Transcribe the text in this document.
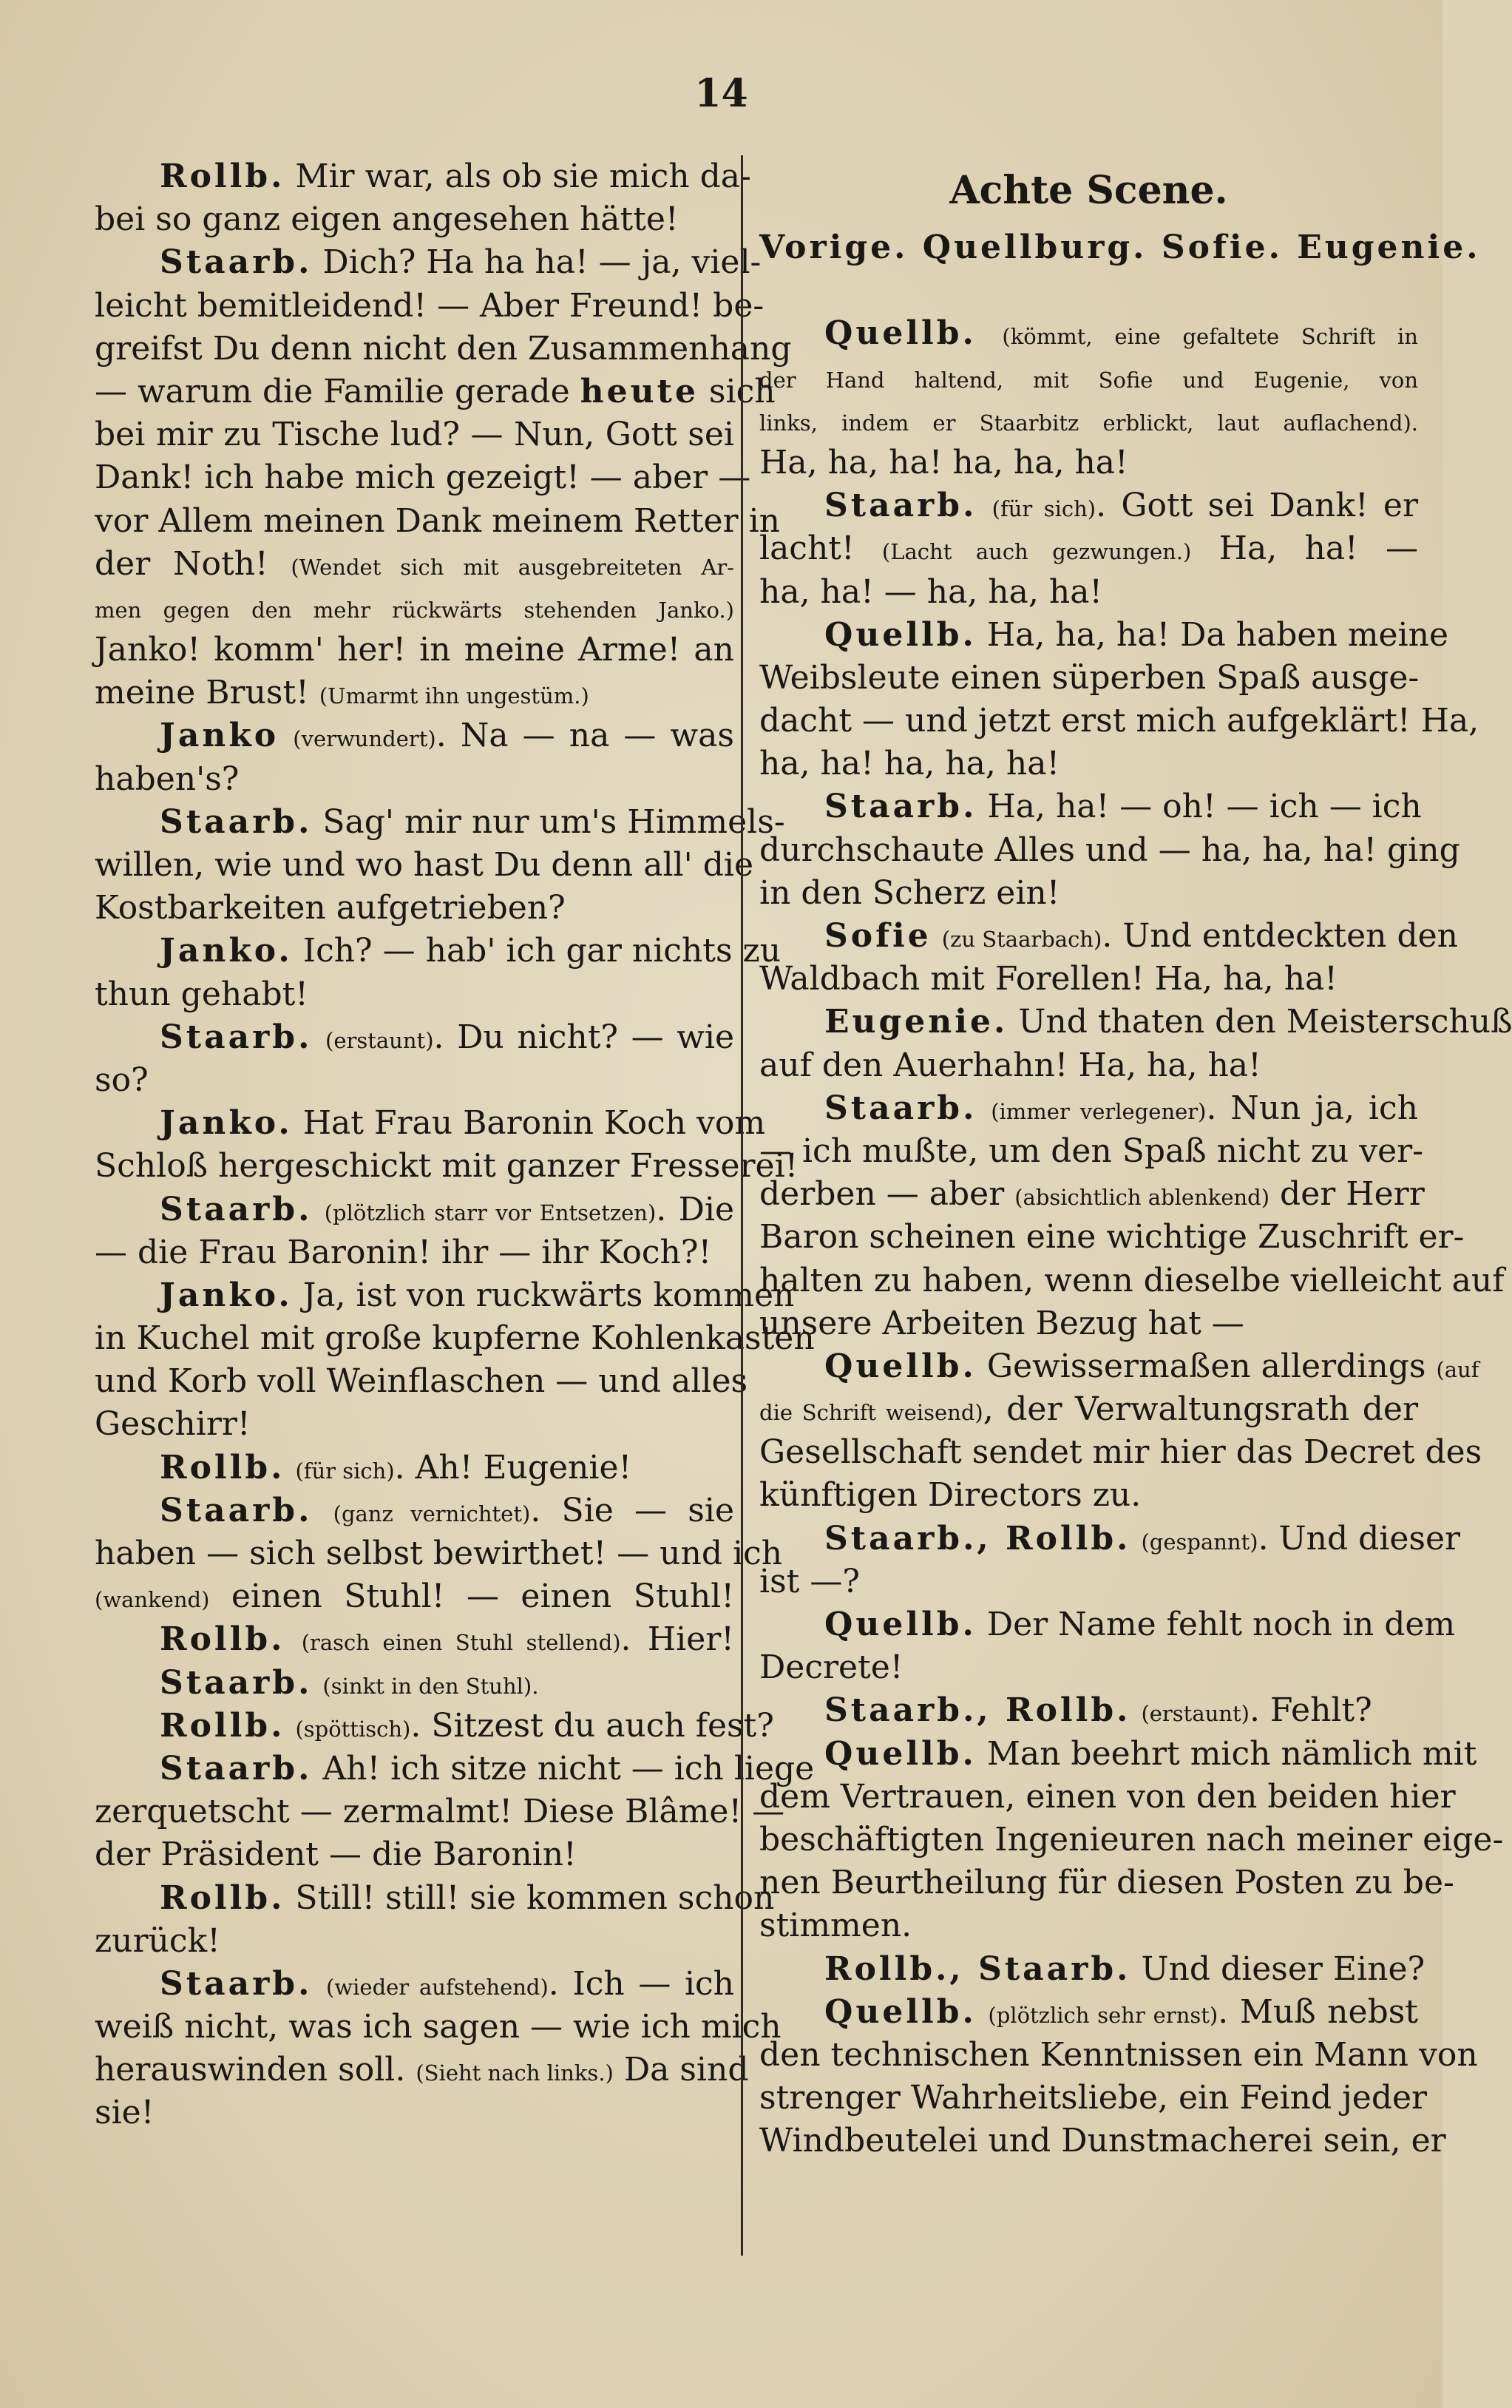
14
Rollb. Mir war, als ob sie mich da-
bei so ganz eigen angesehen hätte!
Staarb. Dich? Ha ha ha! — ja, viel-
leicht bemitleidend! — Aber Freund! be-
greifst Du denn nicht den Zusammenhang
— warum die Familie gerade heute sich
bei mir zu Tische lud? — Nun, Gott sei
Dank! ich habe mich gezeigt! — aber —
vor Allem meinen Dank meinem Retter in
der Noth! (Wendet sich mit ausgebreiteten Ar-
men gegen den mehr rückwärts stehenden Janko.)
Janko! komm' her! in meine Arme! an
meine Brust! (Umarmt ihn ungestüm.)
Janko (verwundert). Na — na — was
haben's?
Staarb. Sag' mir nur um's Himmels-
willen, wie und wo hast Du denn all' die
Kostbarkeiten aufgetrieben?
Janko. Ich? — hab' ich gar nichts zu
thun gehabt!
Staarb. (erstaunt). Du nicht? — wie
so?
Janko. Hat Frau Baronin Koch vom
Schloß hergeschickt mit ganzer Fresserei!
Staarb. (plötzlich starr vor Entsetzen). Die
— die Frau Baronin! ihr — ihr Koch?!
Janko. Ja, ist von ruckwärts kommen
in Kuchel mit große kupferne Kohlenkasten
und Korb voll Weinflaschen — und alles
Geschirr!
Rollb. (für sich). Ah! Eugenie!
Staarb. (ganz vernichtet). Sie — sie
haben — sich selbst bewirthet! — und ich
(wankend) einen Stuhl! — einen Stuhl!
Rollb. (rasch einen Stuhl stellend). Hier!
Staarb. (sinkt in den Stuhl).
Rollb. (spöttisch). Sitzest du auch fest?
Staarb. Ah! ich sitze nicht — ich liege
zerquetscht — zermalmt! Diese Blâme! —
der Präsident — die Baronin!
Rollb. Still! still! sie kommen schon
zurück!
Staarb. (wieder aufstehend). Ich — ich
weiß nicht, was ich sagen — wie ich mich
herauswinden soll. (Sieht nach links.) Da sind
sie!
Achte Scene.
Vorige. Quellburg. Sofie. Eugenie.
Quellb. (kömmt, eine gefaltete Schrift in
der Hand haltend, mit Sofie und Eugenie, von
links, indem er Staarbitz erblickt, laut auflachend).
Ha, ha, ha! ha, ha, ha!
Staarb. (für sich). Gott sei Dank! er
lacht! (Lacht auch gezwungen.) Ha, ha! —
ha, ha! — ha, ha, ha!
Quellb. Ha, ha, ha! Da haben meine
Weibsleute einen süperben Spaß ausge-
dacht — und jetzt erst mich aufgeklärt! Ha,
ha, ha! ha, ha, ha!
Staarb. Ha, ha! — oh! — ich — ich
durchschaute Alles und — ha, ha, ha! ging
in den Scherz ein!
Sofie (zu Staarbach). Und entdeckten den
Waldbach mit Forellen! Ha, ha, ha!
Eugenie. Und thaten den Meisterschuß
auf den Auerhahn! Ha, ha, ha!
Staarb. (immer verlegener). Nun ja, ich
— ich mußte, um den Spaß nicht zu ver-
derben — aber (absichtlich ablenkend) der Herr
Baron scheinen eine wichtige Zuschrift er-
halten zu haben, wenn dieselbe vielleicht auf
unsere Arbeiten Bezug hat —
Quellb. Gewissermaßen allerdings (auf
die Schrift weisend), der Verwaltungsrath der
Gesellschaft sendet mir hier das Decret des
künftigen Directors zu.
Staarb., Rollb. (gespannt). Und dieser
ist —?
Quellb. Der Name fehlt noch in dem
Decrete!
Staarb., Rollb. (erstaunt). Fehlt?
Quellb. Man beehrt mich nämlich mit
dem Vertrauen, einen von den beiden hier
beschäftigten Ingenieuren nach meiner eige-
nen Beurtheilung für diesen Posten zu be-
stimmen.
Rollb., Staarb. Und dieser Eine?
Quellb. (plötzlich sehr ernst). Muß nebst
den technischen Kenntnissen ein Mann von
strenger Wahrheitsliebe, ein Feind jeder
Windbeutelei und Dunstmacherei sein, er
